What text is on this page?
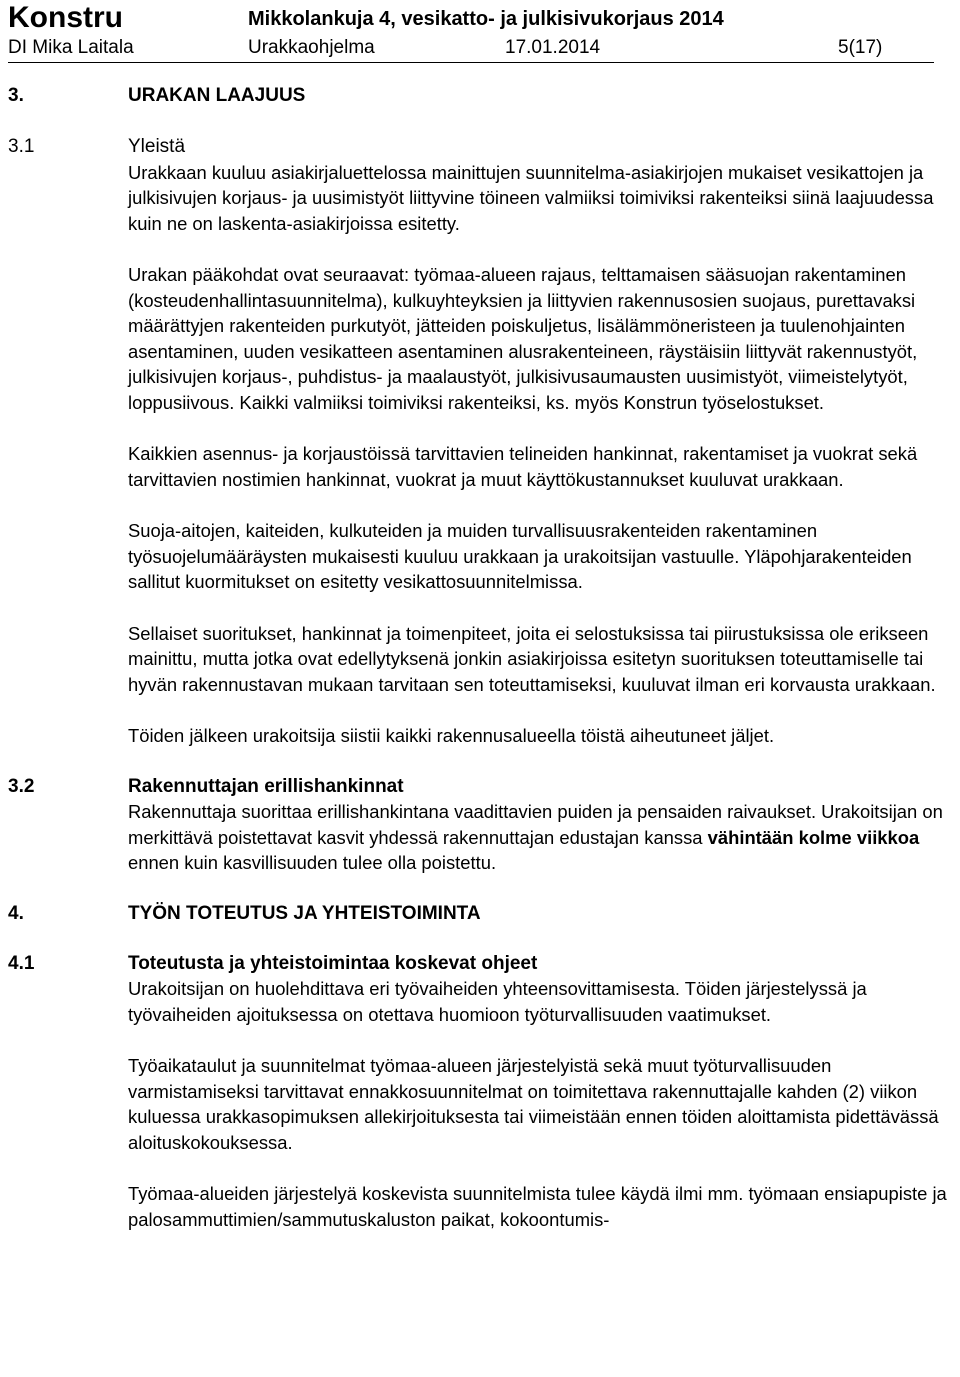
Konstru	Mikkolankuja 4, vesikatto- ja julkisivukorjaus 2014
DI Mika Laitala	Urakkaohjelma	17.01.2014	5(17)
3.	URAKAN LAAJUUS
3.1	Yleistä

Urakkaan kuuluu asiakirjaluettelossa mainittujen suunnitelma-asiakirjojen mukaiset vesikattojen ja julkisivujen korjaus- ja uusimistyöt liittyvine töineen valmiiksi toimiviksi rakenteiksi siinä laajuudessa kuin ne on laskenta-asiakirjoissa esitetty.

Urakan pääkohdat ovat seuraavat: työmaa-alueen rajaus, telttamaisen sääsuojan rakentaminen (kosteudenhallintasuunnitelma), kulkuyhteyksien ja liittyvien rakennusosien suojaus, purettavaksi määrättyjen rakenteiden purkutyöt, jätteiden poiskuljetus, lisälämmöneristeen ja tuulenohjainten asentaminen, uuden vesikatteen asentaminen alusrakenteineen, räystäisiin liittyvät rakennustyöt, julkisivujen korjaus-, puhdistus- ja maalaustyöt, julkisivusaumausten uusimistyöt, viimeistelytyöt, loppusiivous. Kaikki valmiiksi toimiviksi rakenteiksi, ks. myös Konstrun työselostukset.

Kaikkien asennus- ja korjaustöissä tarvittavien telineiden hankinnat, rakentamiset ja vuokrat sekä tarvittavien nostimien hankinnat, vuokrat ja muut käyttökustannukset kuuluvat urakkaan.

Suoja-aitojen, kaiteiden, kulkuteiden ja muiden turvallisuusrakenteiden rakentaminen työsuojelumääräysten mukaisesti kuuluu urakkaan ja urakoitsijan vastuulle. Yläpohjarakenteiden sallitut kuormitukset on esitetty vesikattosuunnitelmissa.

Sellaiset suoritukset, hankinnat ja toimenpiteet, joita ei selostuksissa tai piirustuksissa ole erikseen mainittu, mutta jotka ovat edellytyksenä jonkin asiakirjoissa esitetyn suorituksen toteuttamiselle tai hyvän rakennustavan mukaan tarvitaan sen toteuttamiseksi, kuuluvat ilman eri korvausta urakkaan.

Töiden jälkeen urakoitsija siistii kaikki rakennusalueella töistä aiheutuneet jäljet.

3.2	Rakennuttajan erillishankinnat

Rakennuttaja suorittaa erillishankintana vaadittavien puiden ja pensaiden raivaukset. Urakoitsijan on merkittävä poistettavat kasvit yhdessä rakennuttajan edustajan kanssa vähintään kolme viikkoa ennen kuin kasvillisuuden tulee olla poistettu.

4.	TYÖN TOTEUTUS JA YHTEISTOIMINTA
4.1	Toteutusta ja yhteistoimintaa koskevat ohjeet

Urakoitsijan on huolehdittava eri työvaiheiden yhteensovittamisesta. Töiden järjestelyssä ja työvaiheiden ajoituksessa on otettava huomioon työturvallisuuden vaatimukset.

Työaikataulut ja suunnitelmat työmaa-alueen järjestelyistä sekä muut työturvallisuuden varmistamiseksi tarvittavat ennakkosuunnitelmat on toimitettava rakennuttajalle kahden (2) viikon kuluessa urakkasopimuksen allekirjoituksesta tai viimeistään ennen töiden aloittamista pidettävässä aloituskokouksessa.

Työmaa-alueiden järjestelyä koskevista suunnitelmista tulee käydä ilmi mm. työmaan ensiapupiste ja palosammuttimien/sammutuskaluston paikat, kokoontumis-
